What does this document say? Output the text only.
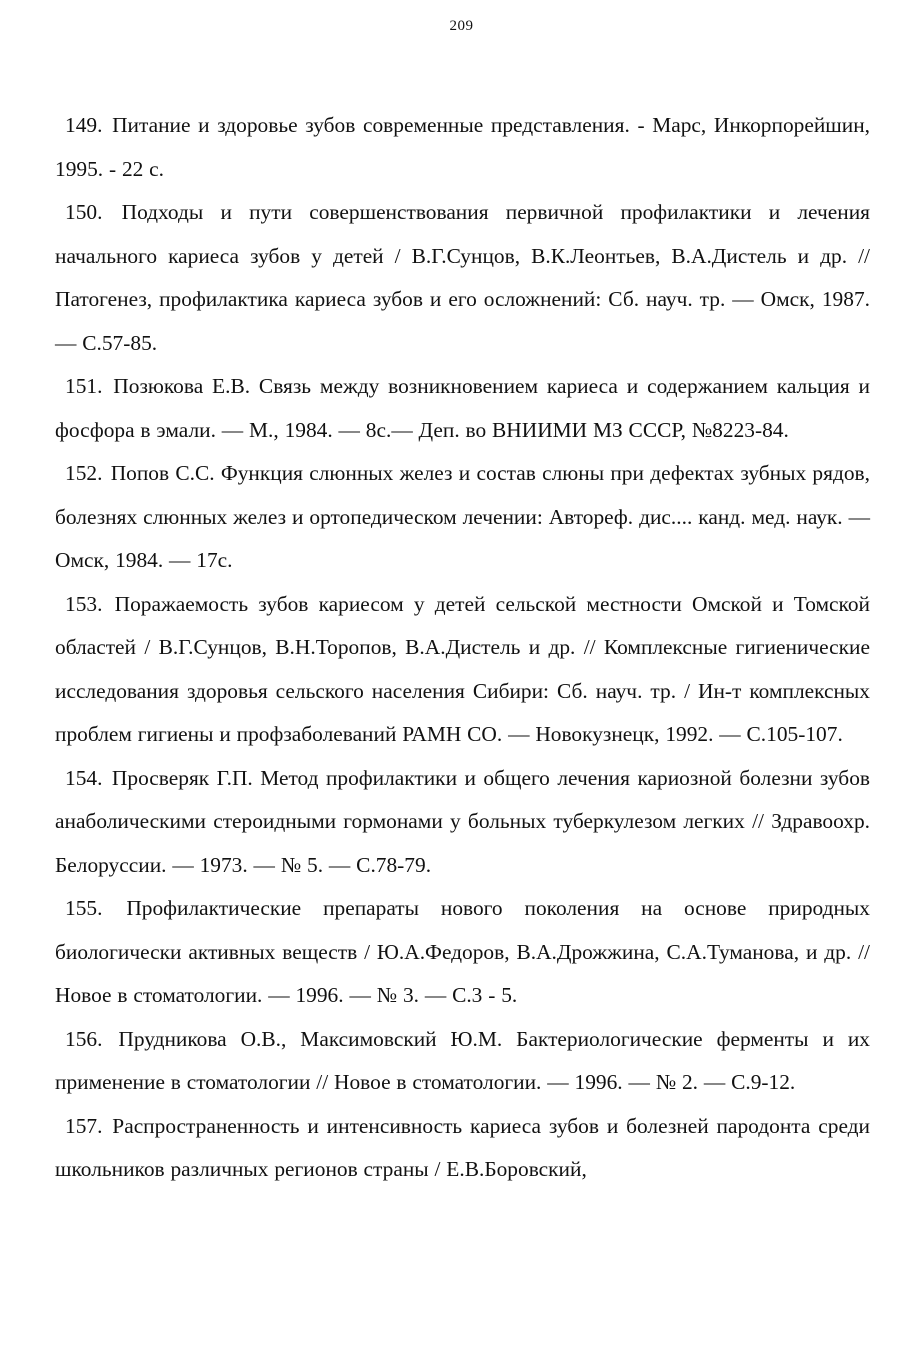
209

149. Питание и здоровье зубов современные представления. - Марс, Инкорпорейшин, 1995. - 22 с.

150. Подходы и пути совершенствования первичной профилактики и лечения начального кариеса зубов у детей / В.Г.Сунцов, В.К.Леонтьев, В.А.Дистель и др. // Патогенез, профилактика кариеса зубов и его осложнений: Сб. науч. тр. — Омск, 1987. — С.57-85.

151. Позюкова Е.В. Связь между возникновением кариеса и содержанием кальция и фосфора в эмали. — М., 1984. — 8с.— Деп. во ВНИИМИ МЗ СССР, №8223-84.

152. Попов С.С. Функция слюнных желез и состав слюны при дефектах зубных рядов, болезнях слюнных желез и ортопедическом лечении: Автореф. дис.... канд. мед. наук. — Омск, 1984. — 17с.

153. Поражаемость зубов кариесом у детей сельской местности Омской и Томской областей / В.Г.Сунцов, В.Н.Торопов, В.А.Дистель и др. // Комплексные гигиенические исследования здоровья сельского населения Сибири: Сб. науч. тр. / Ин-т комплексных проблем гигиены и профзаболеваний РАМН СО. — Новокузнецк, 1992. — С.105-107.

154. Просверяк Г.П. Метод профилактики и общего лечения кариозной болезни зубов анаболическими стероидными гормонами у больных туберкулезом легких // Здравоохр. Белоруссии. — 1973. — № 5. — С.78-79.

155. Профилактические препараты нового поколения на основе природных биологически активных веществ / Ю.А.Федоров, В.А.Дрожжина, С.А.Туманова, и др. // Новое в стоматологии. — 1996. — № 3. — С.3 - 5.

156. Прудникова О.В., Максимовский Ю.М. Бактериологические ферменты и их применение в стоматологии // Новое в стоматологии. — 1996. — № 2. — С.9-12.

157. Распространенность и интенсивность кариеса зубов и болезней пародонта среди школьников различных регионов страны / Е.В.Боровский,
